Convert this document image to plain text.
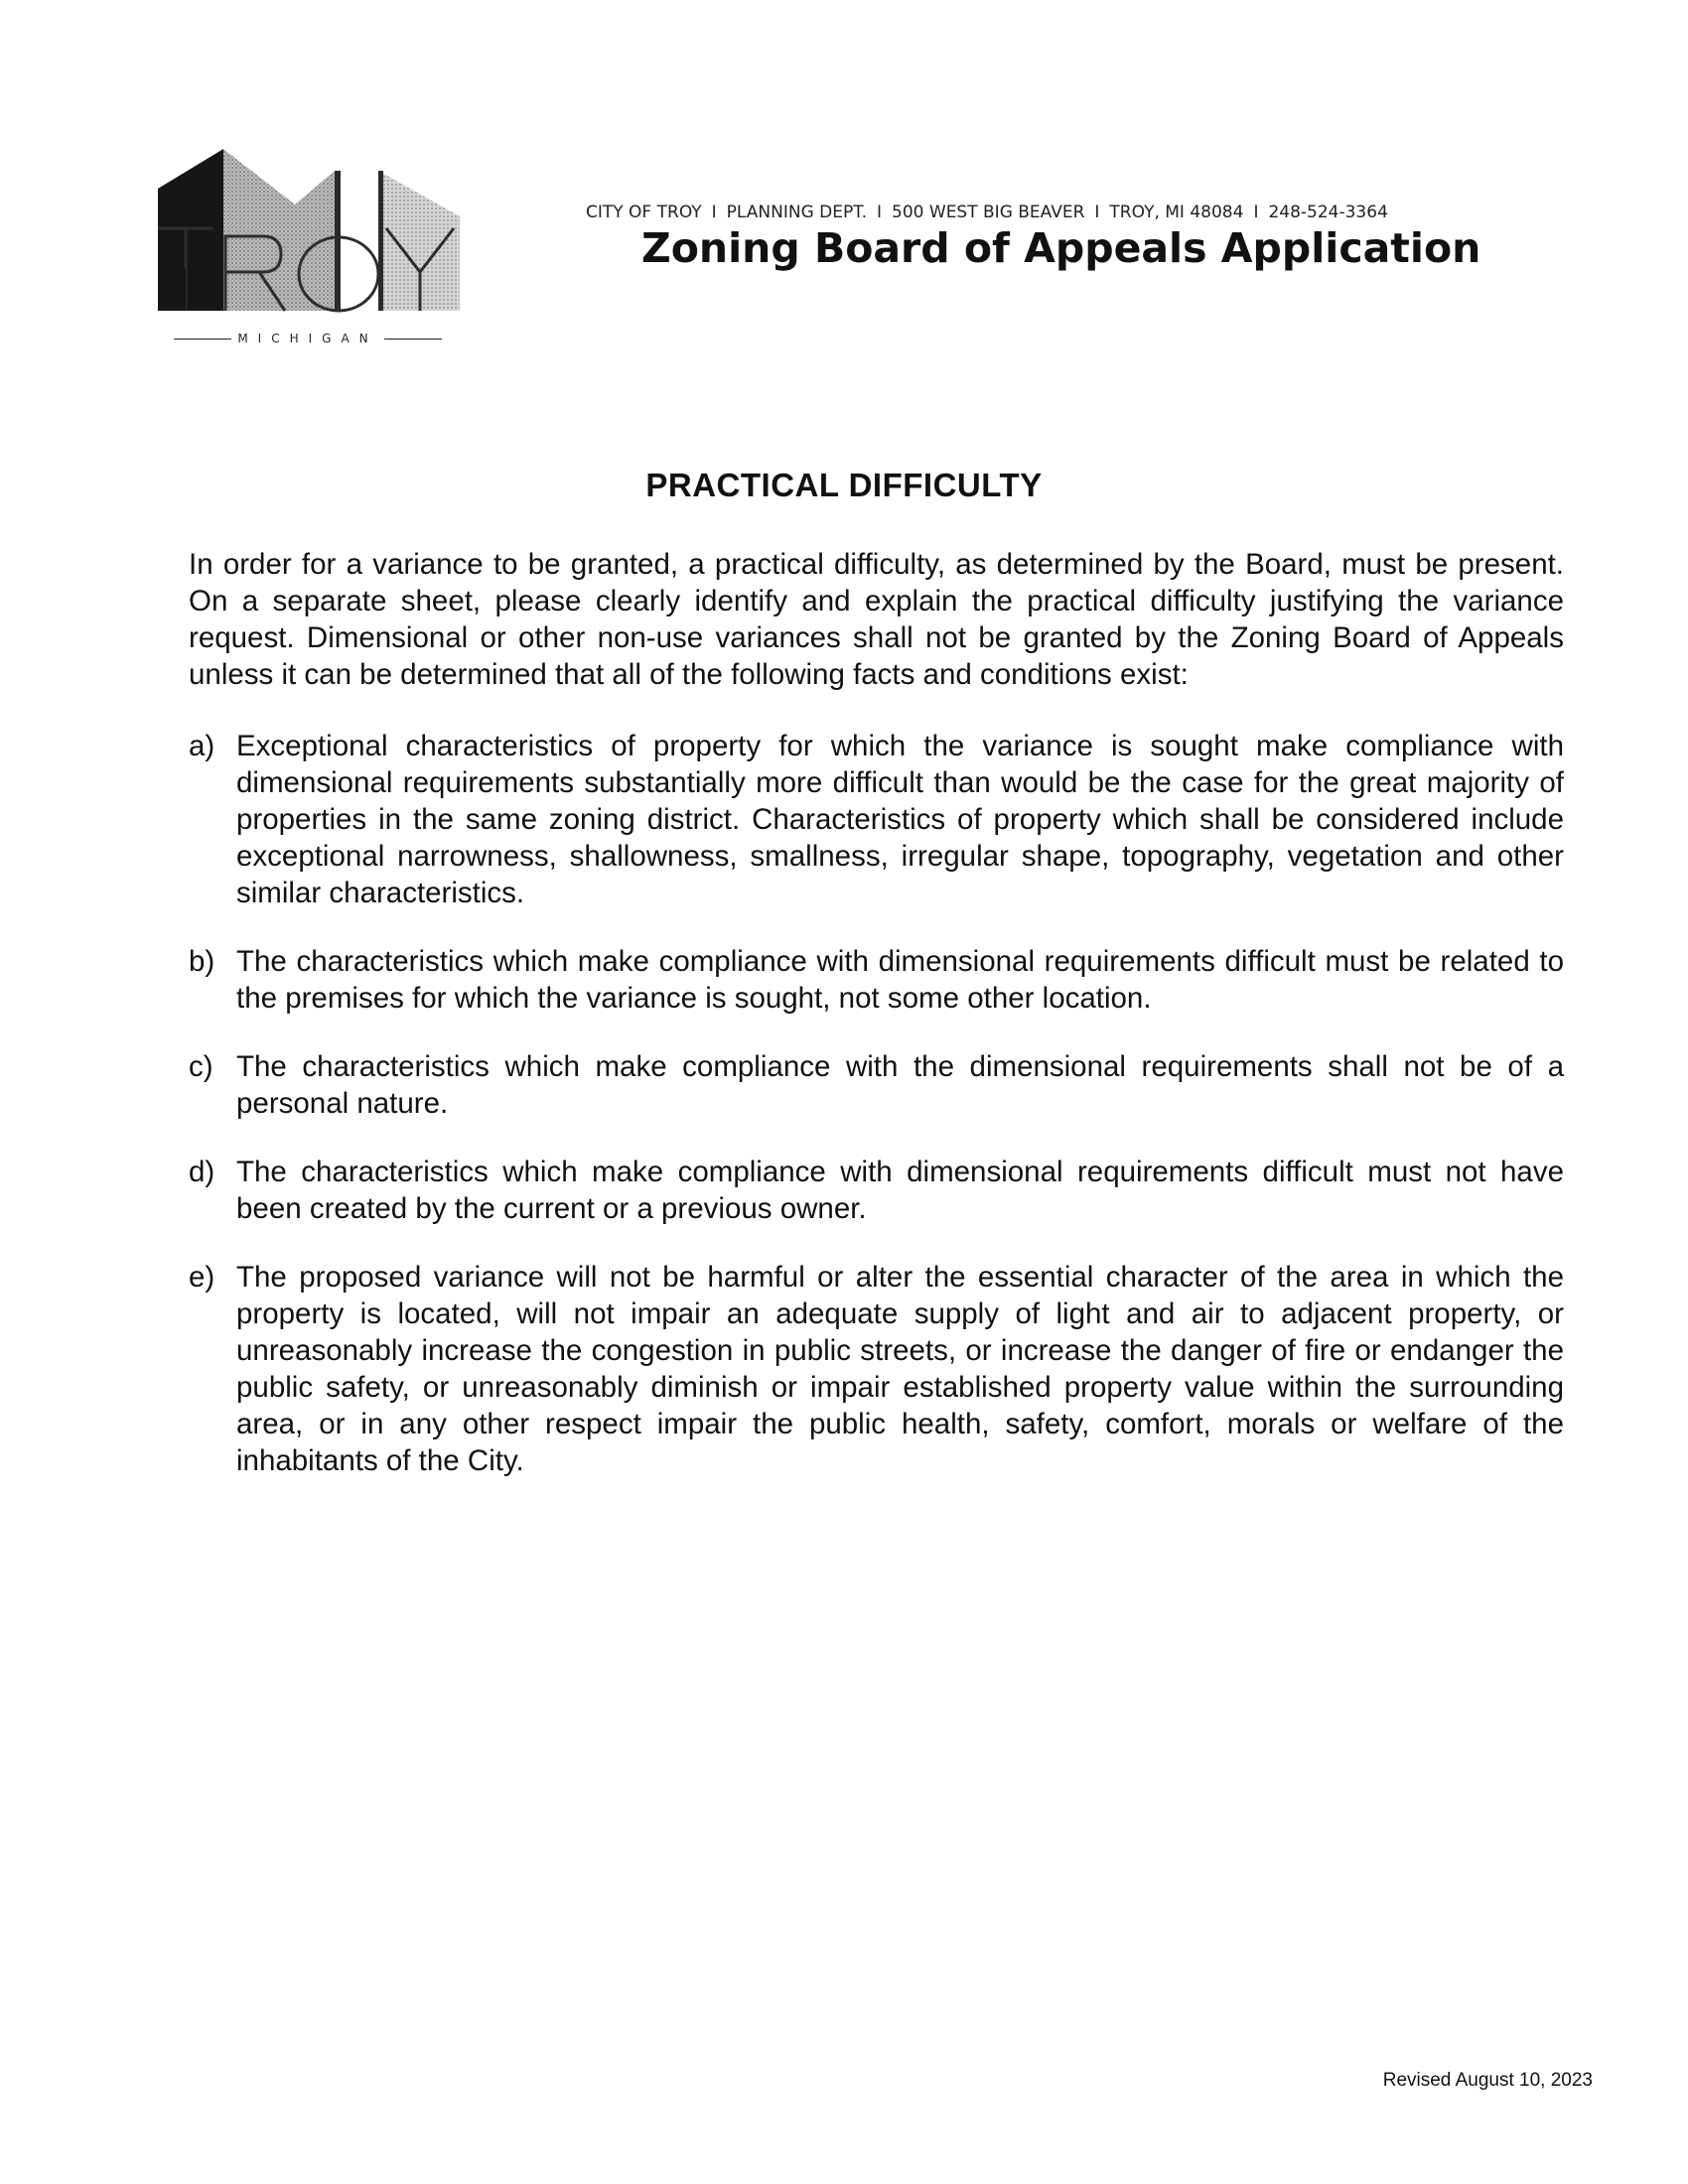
MICHIGAN
CITY OF TROY I PLANNING DEPT. I 500 WEST BIG BEAVER I TROY, MI 48084 I 248-524-3364
Zoning Board of Appeals Application
PRACTICAL DIFFICULTY

In order for a variance to be granted, a practical difficulty, as determined by the Board, must be present. On a separate sheet, please clearly identify and explain the practical difficulty justifying the variance request. Dimensional or other non-use variances shall not be granted by the Zoning Board of Appeals unless it can be determined that all of the following facts and conditions exist:

a) Exceptional characteristics of property for which the variance is sought make compliance with dimensional requirements substantially more difficult than would be the case for the great majority of properties in the same zoning district. Characteristics of property which shall be considered include exceptional narrowness, shallowness, smallness, irregular shape, topography, vegetation and other similar characteristics.
b) The characteristics which make compliance with dimensional requirements difficult must be related to the premises for which the variance is sought, not some other location.
c) The characteristics which make compliance with the dimensional requirements shall not be of a personal nature.
d) The characteristics which make compliance with dimensional requirements difficult must not have been created by the current or a previous owner.
e) The proposed variance will not be harmful or alter the essential character of the area in which the property is located, will not impair an adequate supply of light and air to adjacent property, or unreasonably increase the congestion in public streets, or increase the danger of fire or endanger the public safety, or unreasonably diminish or impair established property value within the surrounding area, or in any other respect impair the public health, safety, comfort, morals or welfare of the inhabitants of the City.
Revised August 10, 2023
